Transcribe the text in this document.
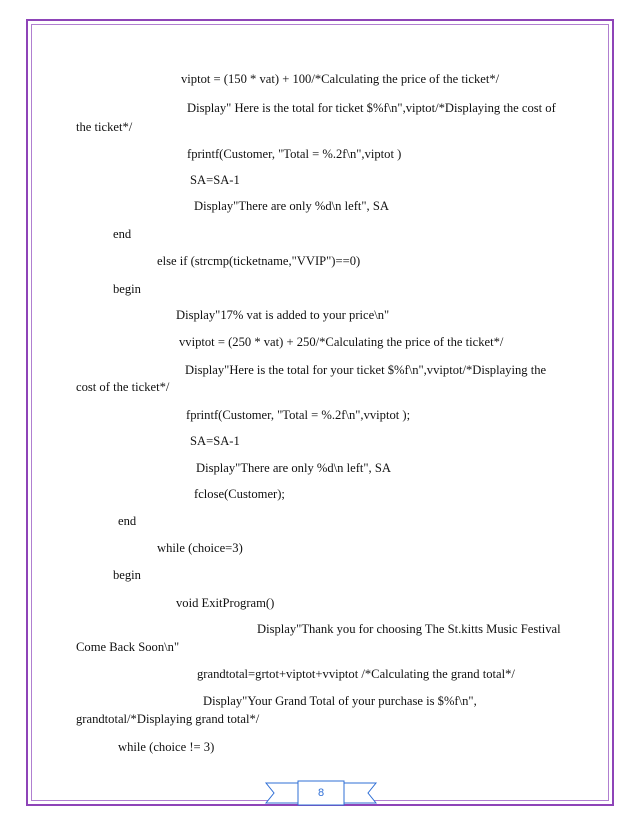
viptot = (150 * vat) + 100/*Calculating the price of the ticket*/
Display" Here is the total for ticket $%f\n",viptot/*Displaying the cost of
the ticket*/
fprintf(Customer, "Total = %.2f\n",viptot )
SA=SA-1
Display"There are only %d\n left", SA
end
else if (strcmp(ticketname,"VVIP")==0)
begin
Display"17% vat is added to your price\n"
vviptot = (250 * vat) + 250/*Calculating the price of the ticket*/
Display"Here is the total for your ticket $%f\n",vviptot/*Displaying the
cost of the ticket*/
fprintf(Customer, "Total = %.2f\n",vviptot );
SA=SA-1
Display"There are only %d\n left", SA
fclose(Customer);
end
while (choice=3)
begin
void ExitProgram()
Display"Thank you for choosing The St.kitts Music Festival
Come Back Soon\n"
grandtotal=grtot+viptot+vviptot /*Calculating the grand total*/
Display"Your Grand Total of your purchase is $%f\n",
grandtotal/*Displaying grand total*/
while (choice != 3)
8
